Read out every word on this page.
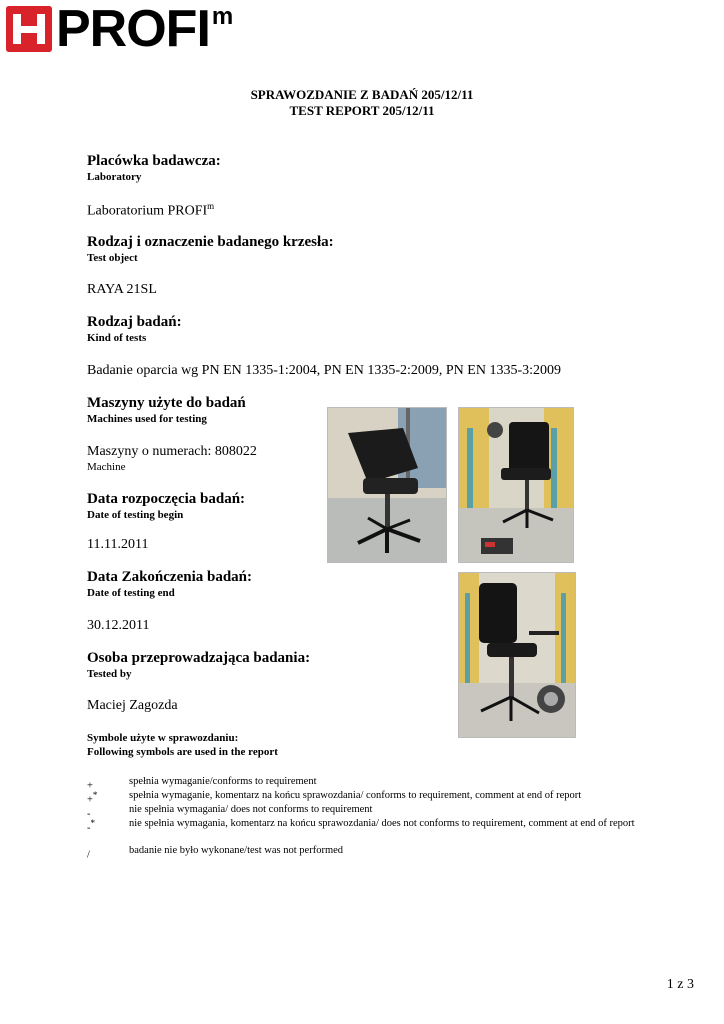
PROFI m
SPRAWOZDANIE Z BADAŃ 205/12/11
TEST REPORT 205/12/11
Placówka badawcza:
Laboratory
Laboratorium PROFI$^m$
Rodzaj i oznaczenie badanego krzesła:
Test object
RAYA 21SL
Rodzaj badań:
Kind of tests
Badanie oparcia wg PN EN 1335-1:2004, PN EN 1335-2:2009, PN EN 1335-3:2009
Maszyny użyte do badań
Machines used for testing
Maszyny o numerach: 808022
Machine
Data rozpoczęcia badań:
Date of testing begin
11.11.2011
Data Zakończenia badań:
Date of testing end
30.12.2011
Osoba przeprowadzająca badania:
Tested by
Maciej Zagozda
Symbole użyte w sprawozdaniu:
Following symbols are used in the report
+	spełnia wymaganie/conforms to requirement
+*	spełnia wymaganie, komentarz na końcu sprawozdania/ conforms to requirement, comment at end of report
-	nie spełnia wymagania/ does not conforms to requirement
-*	nie spełnia wymagania, komentarz na końcu sprawozdania/ does not conforms to requirement, comment at end of report
/	badanie nie było wykonane/test was not performed
1 z 3
